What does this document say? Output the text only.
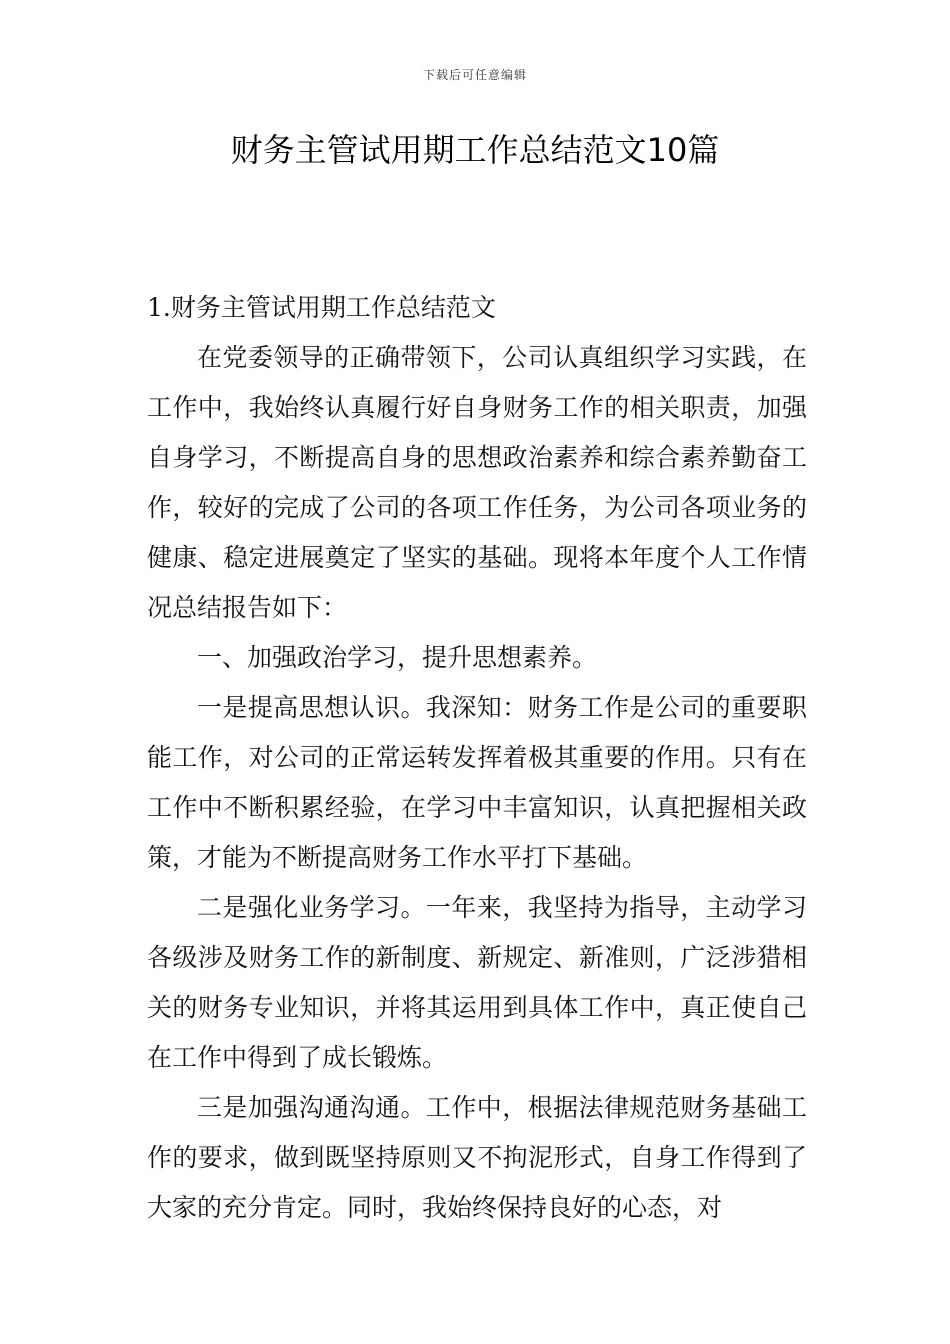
下载后可任意编辑
财务主管试用期工作总结范文10篇

1.财务主管试用期工作总结范文

在党委领导的正确带领下，公司认真组织学习实践，在工作中，我始终认真履行好自身财务工作的相关职责，加强自身学习，不断提高自身的思想政治素养和综合素养勤奋工作，较好的完成了公司的各项工作任务，为公司各项业务的健康、稳定进展奠定了坚实的基础。现将本年度个人工作情况总结报告如下：

一、加强政治学习，提升思想素养。

一是提高思想认识。我深知：财务工作是公司的重要职能工作，对公司的正常运转发挥着极其重要的作用。只有在工作中不断积累经验，在学习中丰富知识，认真把握相关政策，才能为不断提高财务工作水平打下基础。

二是强化业务学习。一年来，我坚持为指导，主动学习各级涉及财务工作的新制度、新规定、新准则，广泛涉猎相关的财务专业知识，并将其运用到具体工作中，真正使自己在工作中得到了成长锻炼。

三是加强沟通沟通。工作中，根据法律规范财务基础工作的要求，做到既坚持原则又不拘泥形式，自身工作得到了大家的充分肯定。同时，我始终保持良好的心态，对
